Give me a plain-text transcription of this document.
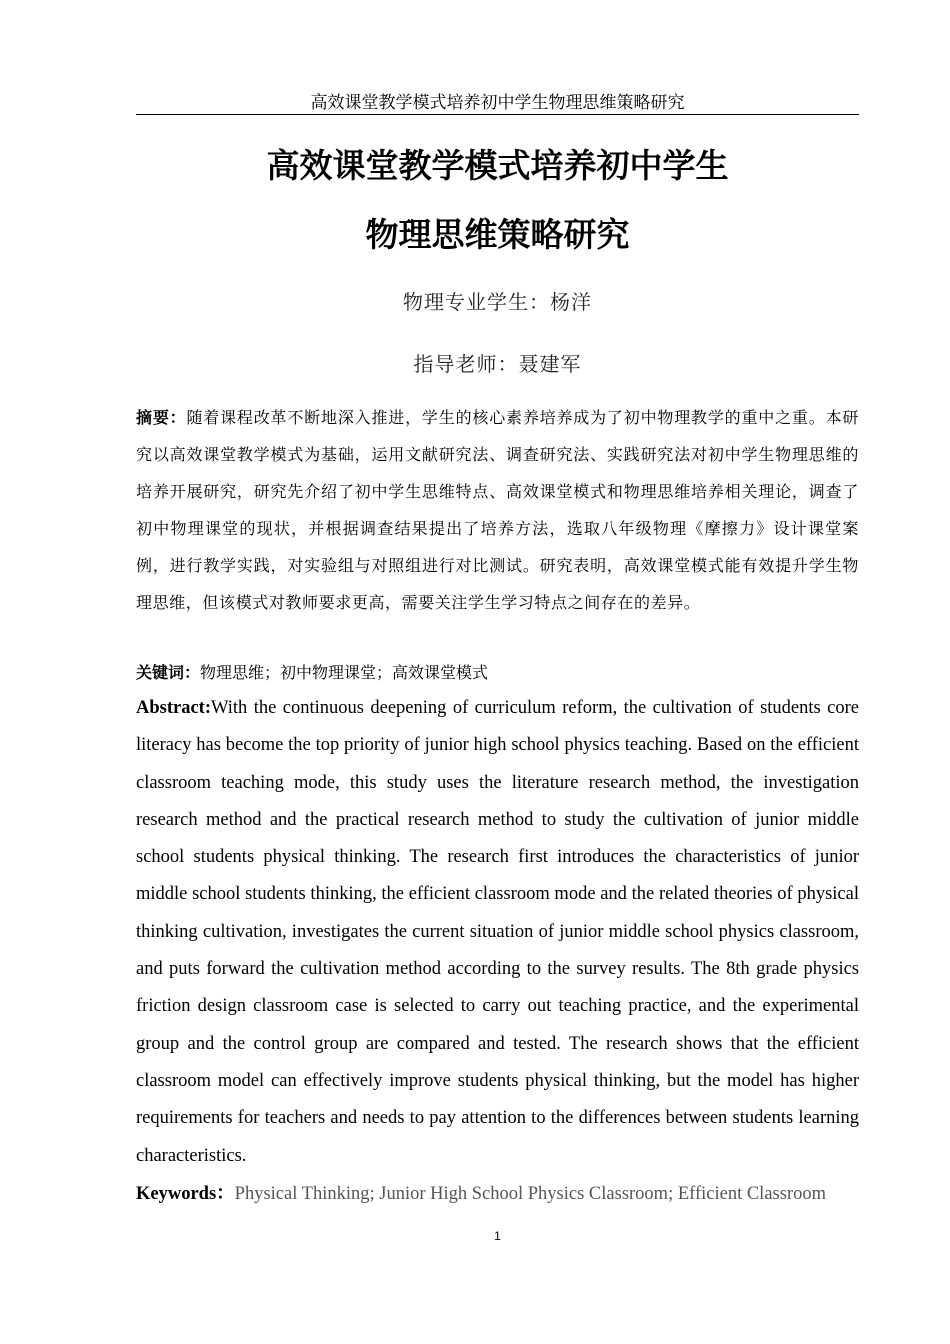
高效课堂教学模式培养初中学生物理思维策略研究
高效课堂教学模式培养初中学生
物理思维策略研究
物理专业学生：杨洋
指导老师：聂建军
摘要：随着课程改革不断地深入推进，学生的核心素养培养成为了初中物理教学的重中之重。本研究以高效课堂教学模式为基础，运用文献研究法、调查研究法、实践研究法对初中学生物理思维的培养开展研究，研究先介绍了初中学生思维特点、高效课堂模式和物理思维培养相关理论，调查了初中物理课堂的现状，并根据调查结果提出了培养方法，选取八年级物理《摩擦力》设计课堂案例，进行教学实践，对实验组与对照组进行对比测试。研究表明，高效课堂模式能有效提升学生物理思维，但该模式对教师要求更高，需要关注学生学习特点之间存在的差异。
关键词：物理思维；初中物理课堂；高效课堂模式
Abstract:With the continuous deepening of curriculum reform, the cultivation of students core literacy has become the top priority of junior high school physics teaching. Based on the efficient classroom teaching mode, this study uses the literature research method, the investigation research method and the practical research method to study the cultivation of junior middle school students physical thinking. The research first introduces the characteristics of junior middle school students thinking, the efficient classroom mode and the related theories of physical thinking cultivation, investigates the current situation of junior middle school physics classroom, and puts forward the cultivation method according to the survey results. The 8th grade physics friction design classroom case is selected to carry out teaching practice, and the experimental group and the control group are compared and tested. The research shows that the efficient classroom model can effectively improve students physical thinking, but the model has higher requirements for teachers and needs to pay attention to the differences between students learning characteristics.
Keywords：Physical Thinking; Junior High School Physics Classroom; Efficient Classroom
1
